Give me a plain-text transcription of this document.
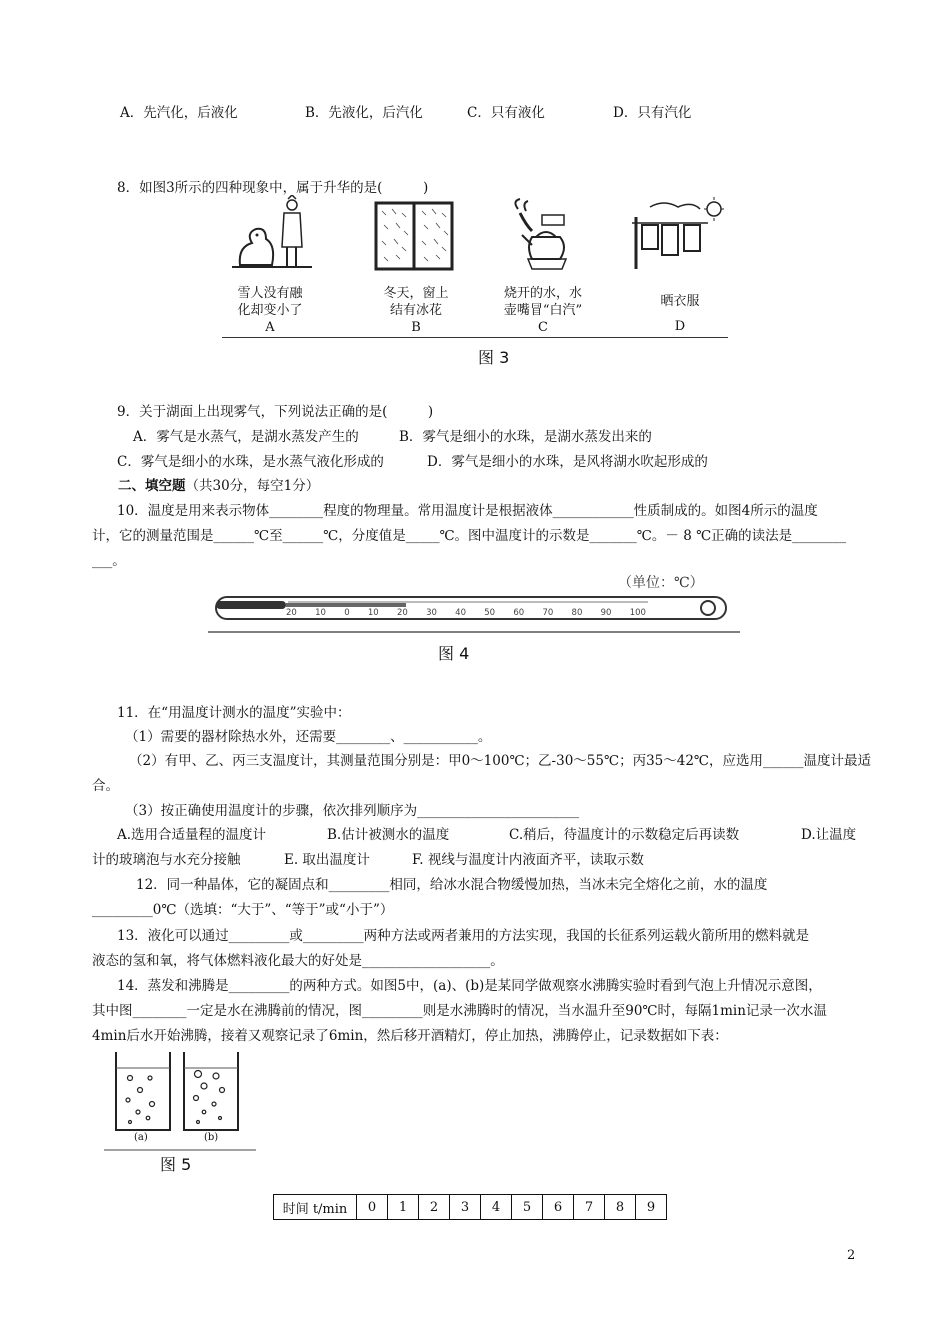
A．先汽化，后液化	B．先液化，后汽化	C．只有液化	D．只有汽化
8．如图3所示的四种现象中，属于升华的是(　　　)
雪人没有融
化却变小了
A
冬天，窗上
结有冰花
B
烧开的水，水
壶嘴冒“白汽”
C
晒衣服
D
图 3
9．关于湖面上出现雾气，下列说法正确的是(　　　)
A．雾气是水蒸气，是湖水蒸发产生的	B．雾气是细小的水珠，是湖水蒸发出来的
C．雾气是细小的水珠，是水蒸气液化形成的	D．雾气是细小的水珠，是风将湖水吹起形成的
二、填空题（共30分，每空1分）
10．温度是用来表示物体________程度的物理量。常用温度计是根据液体____________性质制成的。如图4所示的温度
计，它的测量范围是______℃至______℃，分度值是_____℃。图中温度计的示数是_______℃。－ 8 ℃正确的读法是________
___。
（单位：℃）
20 10 0 10 20 30 40 50 60 70 80 90 100
图 4
11．在“用温度计测水的温度”实验中：
（1）需要的器材除热水外，还需要________、___________。
（2）有甲、乙、丙三支温度计，其测量范围分别是：甲0～100℃；乙-30～55℃；丙35～42℃，应选用______温度计最适
合。
（3）按正确使用温度计的步骤，依次排列顺序为________________________
A.选用合适量程的温度计	B.估计被测水的温度	C.稍后，待温度计的示数稳定后再读数	D.让温度
计的玻璃泡与水充分接触	E. 取出温度计	F. 视线与温度计内液面齐平，读取示数
12．同一种晶体，它的凝固点和_________相同，给冰水混合物缓慢加热，当冰未完全熔化之前，水的温度
_________0℃（选填：“大于”、“等于”或“小于”）
13．液化可以通过_________或_________两种方法或两者兼用的方法实现，我国的长征系列运载火箭所用的燃料就是
液态的氢和氧，将气体燃料液化最大的好处是___________________。
14．蒸发和沸腾是_________的两种方式。如图5中，(a)、(b)是某同学做观察水沸腾实验时看到气泡上升情况示意图，
其中图________一定是水在沸腾前的情况，图_________则是水沸腾时的情况，当水温升至90℃时，每隔1min记录一次水温
4min后水开始沸腾，接着又观察记录了6min，然后移开酒精灯，停止加热，沸腾停止，记录数据如下表：
(a)	(b)
图 5
时间 t/min	0	1	2	3	4	5	6	7	8	9
2
